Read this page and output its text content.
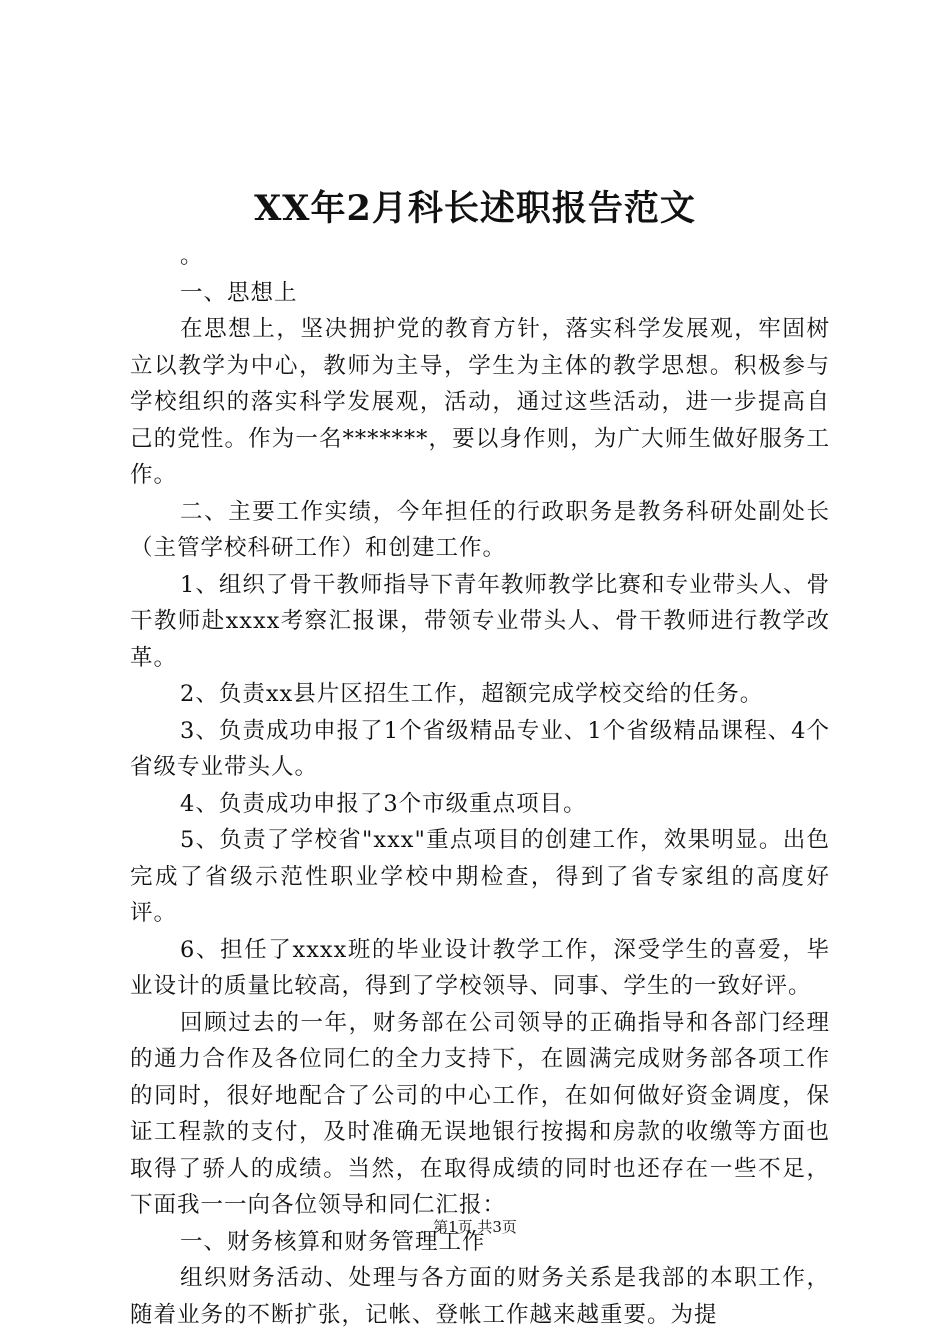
XX年2月科长述职报告范文

。

一、思想上

在思想上，坚决拥护党的教育方针，落实科学发展观，牢固树立以教学为中心，教师为主导，学生为主体的教学思想。积极参与学校组织的落实科学发展观，活动，通过这些活动，进一步提高自己的党性。作为一名*******，要以身作则，为广大师生做好服务工作。

二、主要工作实绩，今年担任的行政职务是教务科研处副处长（主管学校科研工作）和创建工作。

1、组织了骨干教师指导下青年教师教学比赛和专业带头人、骨干教师赴xxxx考察汇报课，带领专业带头人、骨干教师进行教学改革。

2、负责xx县片区招生工作，超额完成学校交给的任务。

3、负责成功申报了1个省级精品专业、1个省级精品课程、4个省级专业带头人。

4、负责成功申报了3个市级重点项目。

5、负责了学校省"xxx"重点项目的创建工作，效果明显。出色完成了省级示范性职业学校中期检查，得到了省专家组的高度好评。

6、担任了xxxx班的毕业设计教学工作，深受学生的喜爱，毕业设计的质量比较高，得到了学校领导、同事、学生的一致好评。

回顾过去的一年，财务部在公司领导的正确指导和各部门经理的通力合作及各位同仁的全力支持下，在圆满完成财务部各项工作的同时，很好地配合了公司的中心工作，在如何做好资金调度，保证工程款的支付，及时准确无误地银行按揭和房款的收缴等方面也取得了骄人的成绩。当然，在取得成绩的同时也还存在一些不足，下面我一一向各位领导和同仁汇报：

一、财务核算和财务管理工作

组织财务活动、处理与各方面的财务关系是我部的本职工作，随着业务的不断扩张，记帐、登帐工作越来越重要。为提

第1页 共3页
